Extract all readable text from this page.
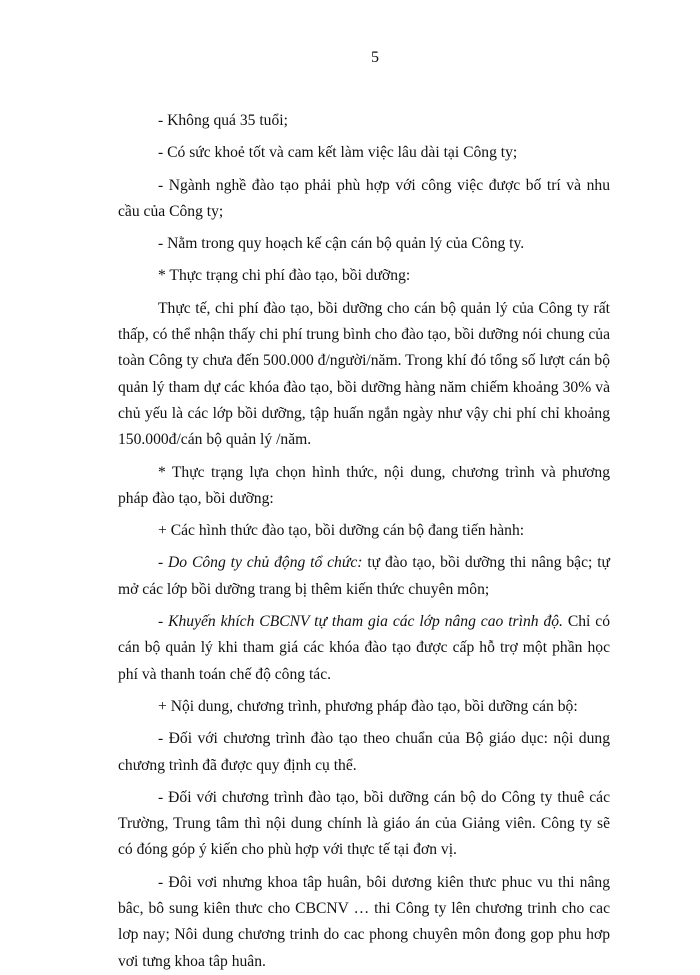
5

- Không quá 35 tuổi;

- Có sức khoẻ tốt và cam kết làm việc lâu dài tại Công ty;

- Ngành nghề đào tạo phải phù hợp với công việc được bố trí và nhu cầu của Công ty;

- Nằm trong quy hoạch kế cận cán bộ quản lý của Công ty.

* Thực trạng chi phí đào tạo, bồi dưỡng:

Thực tế, chi phí đào tạo, bồi dưỡng cho cán bộ quản lý của Công ty rất thấp, có thể nhận thấy chi phí trung bình cho đào tạo, bồi dưỡng nói chung của toàn Công ty chưa đến 500.000 đ/người/năm. Trong khí đó tổng số lượt cán bộ quản lý tham dự các khóa đào tạo, bồi dưỡng hàng năm chiếm khoảng 30% và chủ yếu là các lớp bồi dưỡng, tập huấn ngắn ngày như vậy chi phí chỉ khoảng 150.000đ/cán bộ quản lý /năm.

* Thực trạng lựa chọn hình thức, nội dung, chương trình và phương pháp đào tạo, bồi dưỡng:

+ Các hình thức đào tạo, bồi dưỡng cán bộ đang tiến hành:

- Do Công ty chủ động tổ chức: tự đào tạo, bồi dưỡng thi nâng bậc; tự mở các lớp bồi dưỡng trang bị thêm kiến thức chuyên môn;

- Khuyến khích CBCNV tự tham gia các lớp nâng cao trình độ. Chỉ có cán bộ quản lý khi tham giá các khóa đào tạo được cấp hỗ trợ một phần học phí và thanh toán chế độ công tác.

+ Nội dung, chương trình, phương pháp đào tạo, bồi dưỡng cán bộ:

- Đối với chương trình đào tạo theo chuẩn của Bộ giáo dục: nội dung chương trình đã được quy định cụ thể.

- Đối với chương trình đào tạo, bồi dưỡng cán bộ do Công ty thuê các Trường, Trung tâm thì nội dung chính là giáo án của Giảng viên. Công ty sẽ có đóng góp ý kiến cho phù hợp với thực tế tại đơn vị.

- Đôi vơi nhưng khoa tâp huân, bôi dương kiên thưc phuc vu thi nâng bâc, bô sung kiên thưc cho CBCNV … thi Công ty lên chương trinh cho cac lơp nay; Nôi dung chương trinh do cac phong chuyên môn đong gop phu hơp vơi tưng khoa tâp huân.
